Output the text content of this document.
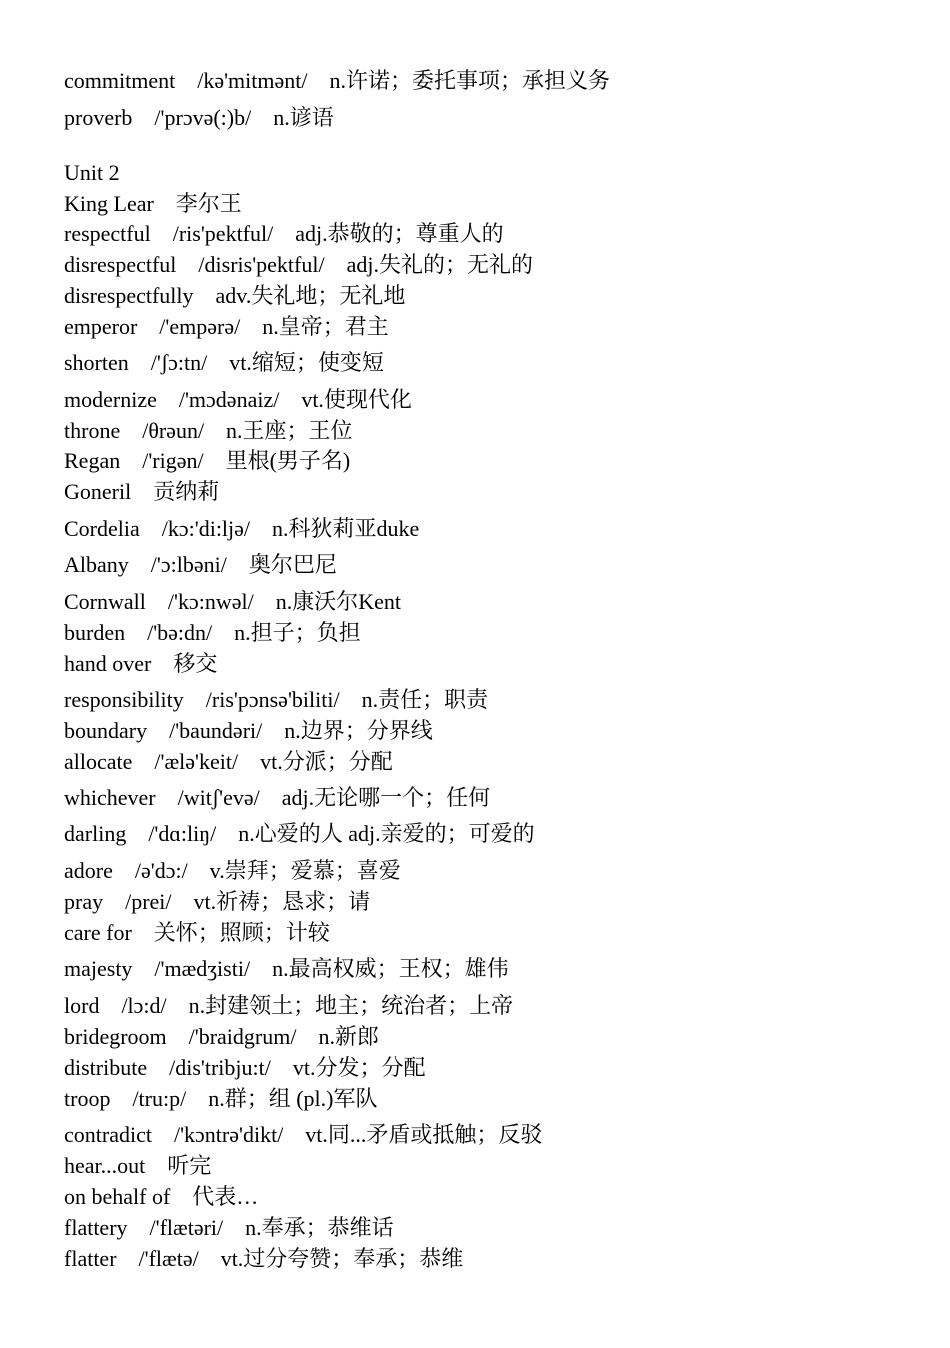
commitment    /kə'mitmənt/    n.许诺；委托事项；承担义务
proverb    /'prɔvə(:)b/    n.谚语
Unit 2
King Lear    李尔王
respectful    /ris'pektful/    adj.恭敬的；尊重人的
disrespectful    /disris'pektful/    adj.失礼的；无礼的
disrespectfully    adv.失礼地；无礼地
emperor    /'empərə/    n.皇帝；君主
shorten    /'ʃɔ:tn/    vt.缩短；使变短
modernize    /'mɔdənaiz/    vt.使现代化
throne    /θrəun/    n.王座；王位
Regan    /'rigən/    里根(男子名)
Goneril    贡纳莉
Cordelia    /kɔ:'di:ljə/    n.科狄莉亚duke
Albany    /'ɔ:lbəni/    奥尔巴尼
Cornwall    /'kɔ:nwəl/    n.康沃尔Kent
burden    /'bə:dn/    n.担子；负担
hand over    移交
responsibility    /ris'pɔnsə'biliti/    n.责任；职责
boundary    /'baundəri/    n.边界；分界线
allocate    /'ælə'keit/    vt.分派；分配
whichever    /witʃ'evə/    adj.无论哪一个；任何
darling    /'dɑ:liŋ/    n.心爱的人 adj.亲爱的；可爱的
adore    /ə'dɔ:/    v.崇拜；爱慕；喜爱
pray    /prei/    vt.祈祷；恳求；请
care for    关怀；照顾；计较
majesty    /'mædʒisti/    n.最高权威；王权；雄伟
lord    /lɔ:d/    n.封建领土；地主；统治者；上帝
bridegroom    /'braidgrum/    n.新郎
distribute    /dis'tribju:t/    vt.分发；分配
troop    /tru:p/    n.群；组 (pl.)军队
contradict    /'kɔntrə'dikt/    vt.同...矛盾或抵触；反驳
hear...out    听完
on behalf of    代表…
flattery    /'flætəri/    n.奉承；恭维话
flatter    /'flætə/    vt.过分夸赞；奉承；恭维
